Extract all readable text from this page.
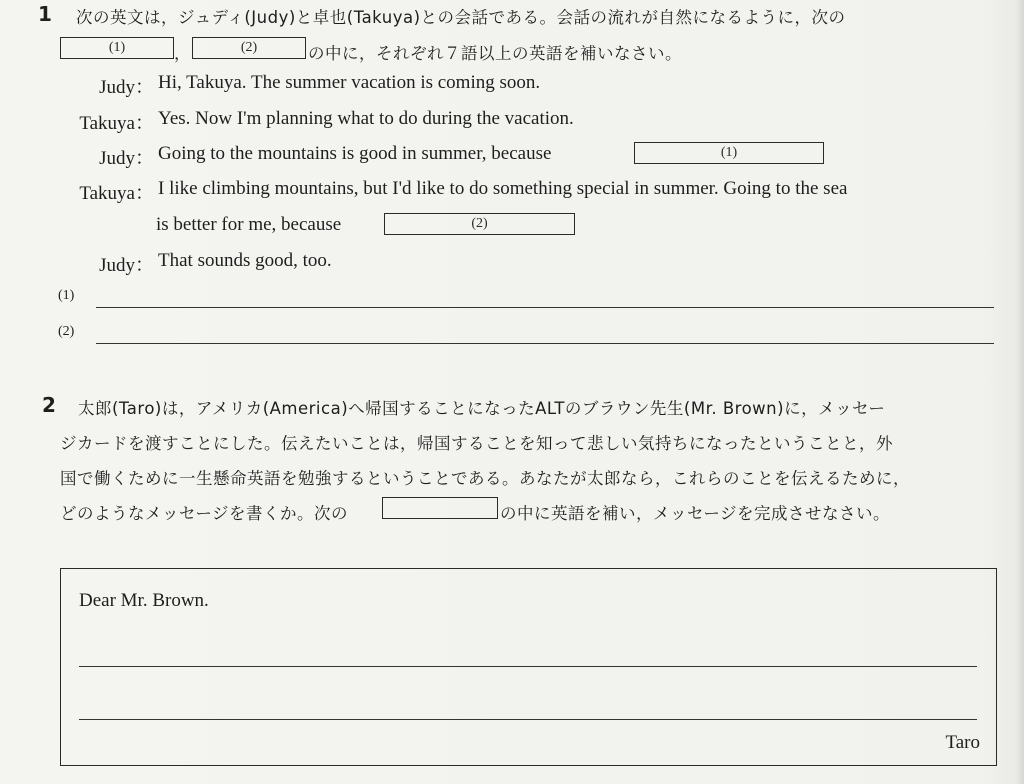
1 次の英文は，ジュディ(Judy)と卓也(Takuya)との会話である。会話の流れが自然になるように，次の
(1)	，	(2)	の中に，それぞれ７語以上の英語を補いなさい。
Judy： Hi, Takuya. The summer vacation is coming soon.
Takuya： Yes. Now I'm planning what to do during the vacation.
Judy： Going to the mountains is good in summer, because	(1)
Takuya： I like climbing mountains, but I'd like to do something special in summer. Going to the sea
is better for me, because	(2)
Judy： That sounds good, too.
(1)
(2)
2 太郎(Taro)は，アメリカ(America)へ帰国することになったALTのブラウン先生(Mr. Brown)に，メッセー
ジカードを渡すことにした。伝えたいことは，帰国することを知って悲しい気持ちになったということと，外
国で働くために一生懸命英語を勉強するということである。あなたが太郎なら，これらのことを伝えるために，
どのようなメッセージを書くか。次の	の中に英語を補い，メッセージを完成させなさい。
Dear Mr. Brown.
Taro
